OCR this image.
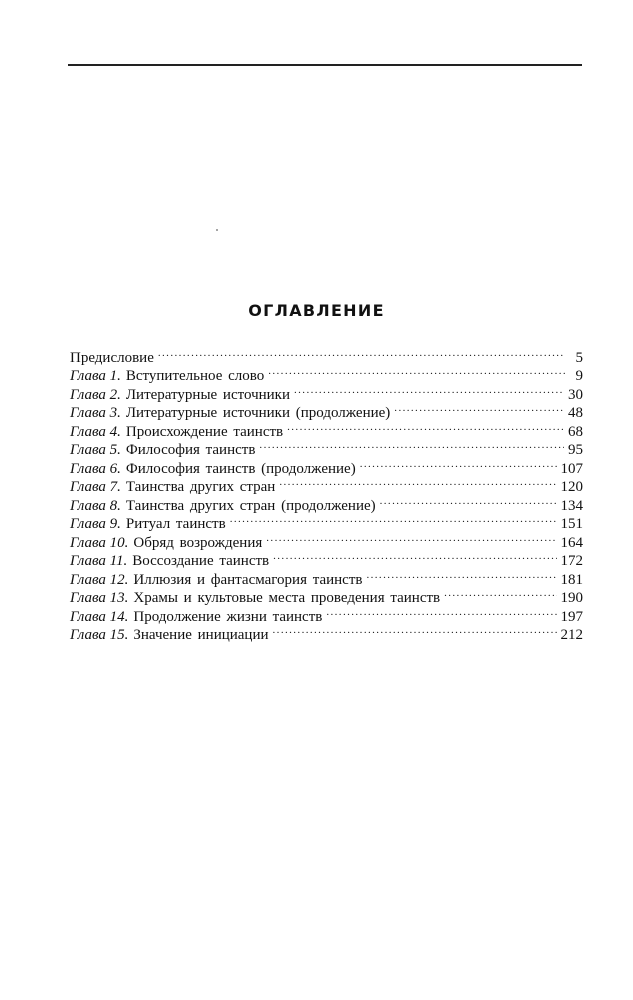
ОГЛАВЛЕНИЕ
Предисловие .....	5
Глава 1. Вступительное слово .....	9
Глава 2. Литературные источники .....	30
Глава 3. Литературные источники (продолжение) .....	48
Глава 4. Происхождение таинств .....	68
Глава 5. Философия таинств .....	95
Глава 6. Философия таинств (продолжение) .....	107
Глава 7. Таинства других стран .....	120
Глава 8. Таинства других стран (продолжение) .....	134
Глава 9. Ритуал таинств .....	151
Глава 10. Обряд возрождения .....	164
Глава 11. Воссоздание таинств .....	172
Глава 12. Иллюзия и фантасмагория таинств .....	181
Глава 13. Храмы и культовые места проведения таинств .....	190
Глава 14. Продолжение жизни таинств .....	197
Глава 15. Значение инициации .....	212
